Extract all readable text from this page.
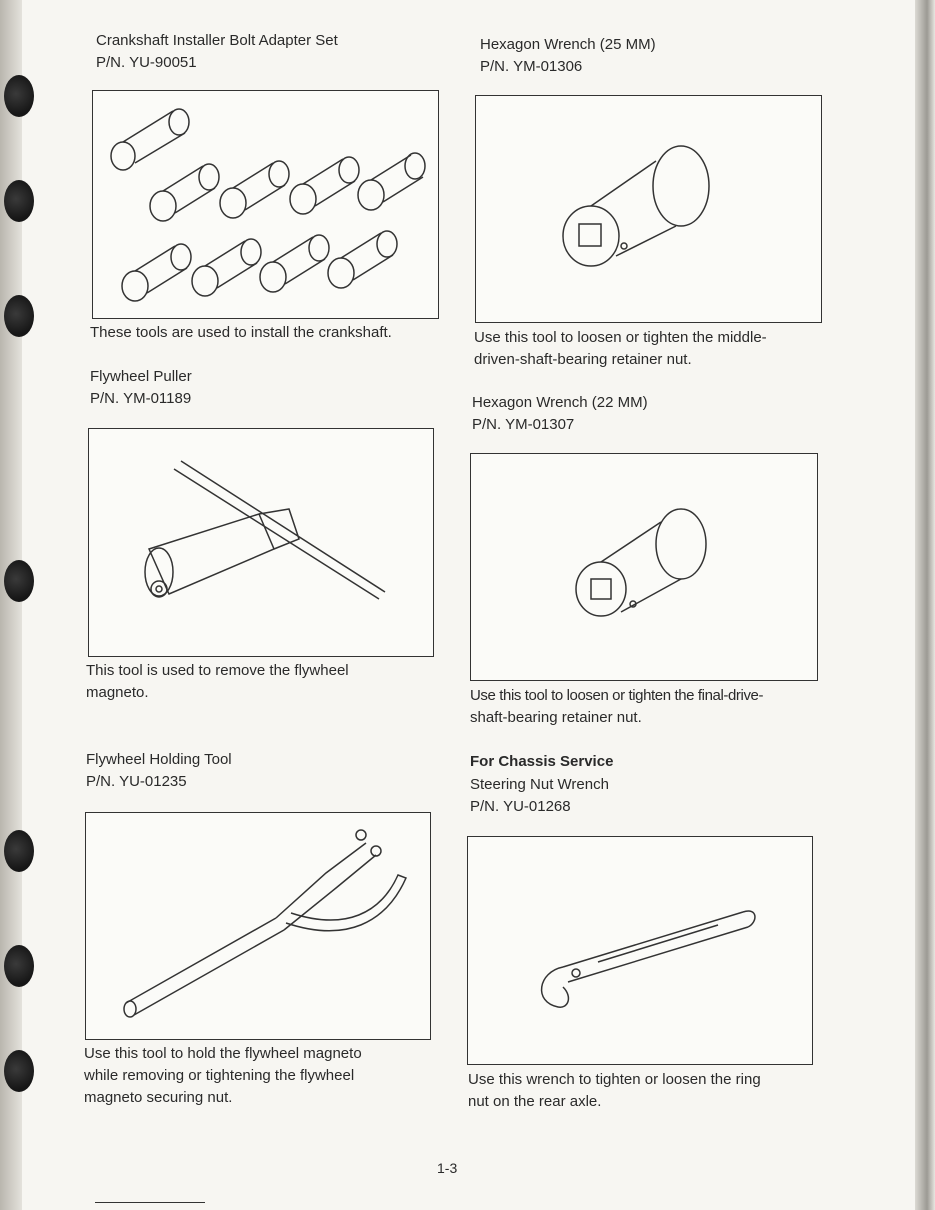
Crankshaft Installer Bolt Adapter Set
P/N. YU-90051
These tools are used to install the crankshaft.
Flywheel Puller
P/N. YM-01189
This tool is used to remove the flywheel
magneto.
Flywheel Holding Tool
P/N. YU-01235
Use this tool to hold the flywheel magneto
while removing or tightening the flywheel
magneto securing nut.
Hexagon Wrench (25 MM)
P/N. YM-01306
Use this tool to loosen or tighten the middle-
driven-shaft-bearing retainer nut.
Hexagon Wrench (22 MM)
P/N. YM-01307
Use this tool to loosen or tighten the final-drive-
shaft-bearing retainer nut.
For Chassis Service
Steering Nut Wrench
P/N. YU-01268
Use this wrench to tighten or loosen the ring
nut on the rear axle.
1-3
